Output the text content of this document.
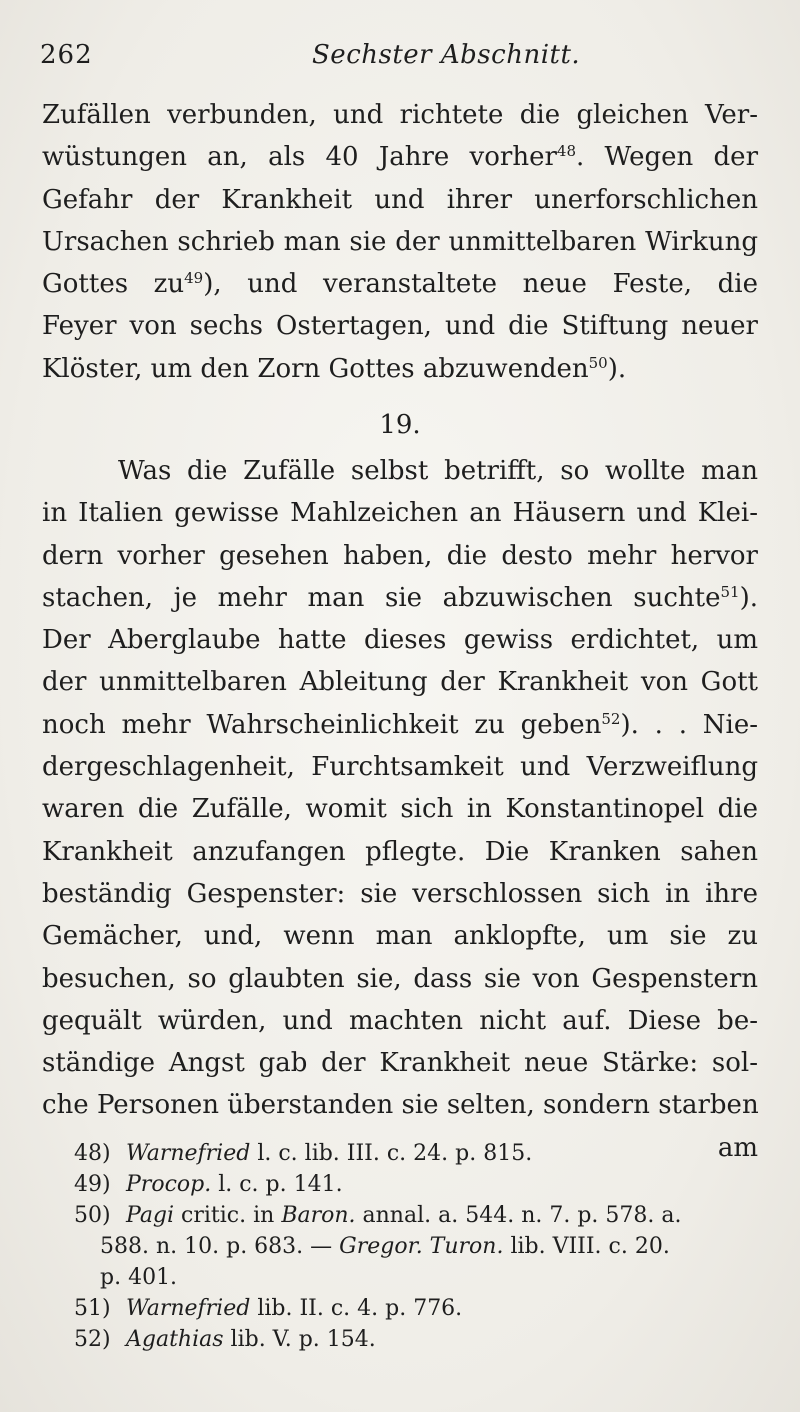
262	Sechster Abschnitt.
Zufällen verbunden, und richtete die gleichen Ver-
wüstungen an, als 40 Jahre vorher$^{48}$. Wegen der
Gefahr der Krankheit und ihrer unerforschlichen
Ursachen schrieb man sie der unmittelbaren Wirkung
Gottes $zu^{49}$), und veranstaltete neue Feste, die
Feyer von sechs Ostertagen, und die Stiftung neuer
Klöster, um den Zorn Gottes abzuwenden$^{50}$).
19.
Was die Zufälle selbst betrifft, so wollte man
in Italien gewisse Mahlzeichen an Häusern und Klei-
dern vorher gesehen haben, die desto mehr hervor
stachen, je mehr man sie abzuwischen suchte$^{51}$).
Der Aberglaube hatte dieses gewiss erdichtet, um
der unmittelbaren Ableitung der Krankheit von Gott
noch mehr Wahrscheinlichkeit zu geben$^{52}$). . . Nie-
dergeschlagenheit, Furchtsamkeit und Verzweiflung
waren die Zufälle, womit sich in Konstantinopel die
Krankheit anzufangen pflegte. Die Kranken sahen
beständig Gespenster: sie verschlossen sich in ihre
Gemächer, und, wenn man anklopfte, um sie zu
besuchen, so glaubten sie, dass sie von Gespenstern
gequält würden, und machten nicht auf. Diese be-
ständige Angst gab der Krankheit neue Stärke: sol-
che Personen überstanden sie selten, sondern starben
am
48) Warnefried l. c. lib. III. c. 24. p. 815.
49) Procop. l. c. p. 141.
50) Pagi critic. in Baron. annal. a. 544. n. 7. p. 578. a.
588. n. 10. p. 683. — Gregor. Turon. lib. VIII. c. 20.
p. 401.
51) Warnefried lib. II. c. 4. p. 776.
52) Agathias lib. V. p. 154.
